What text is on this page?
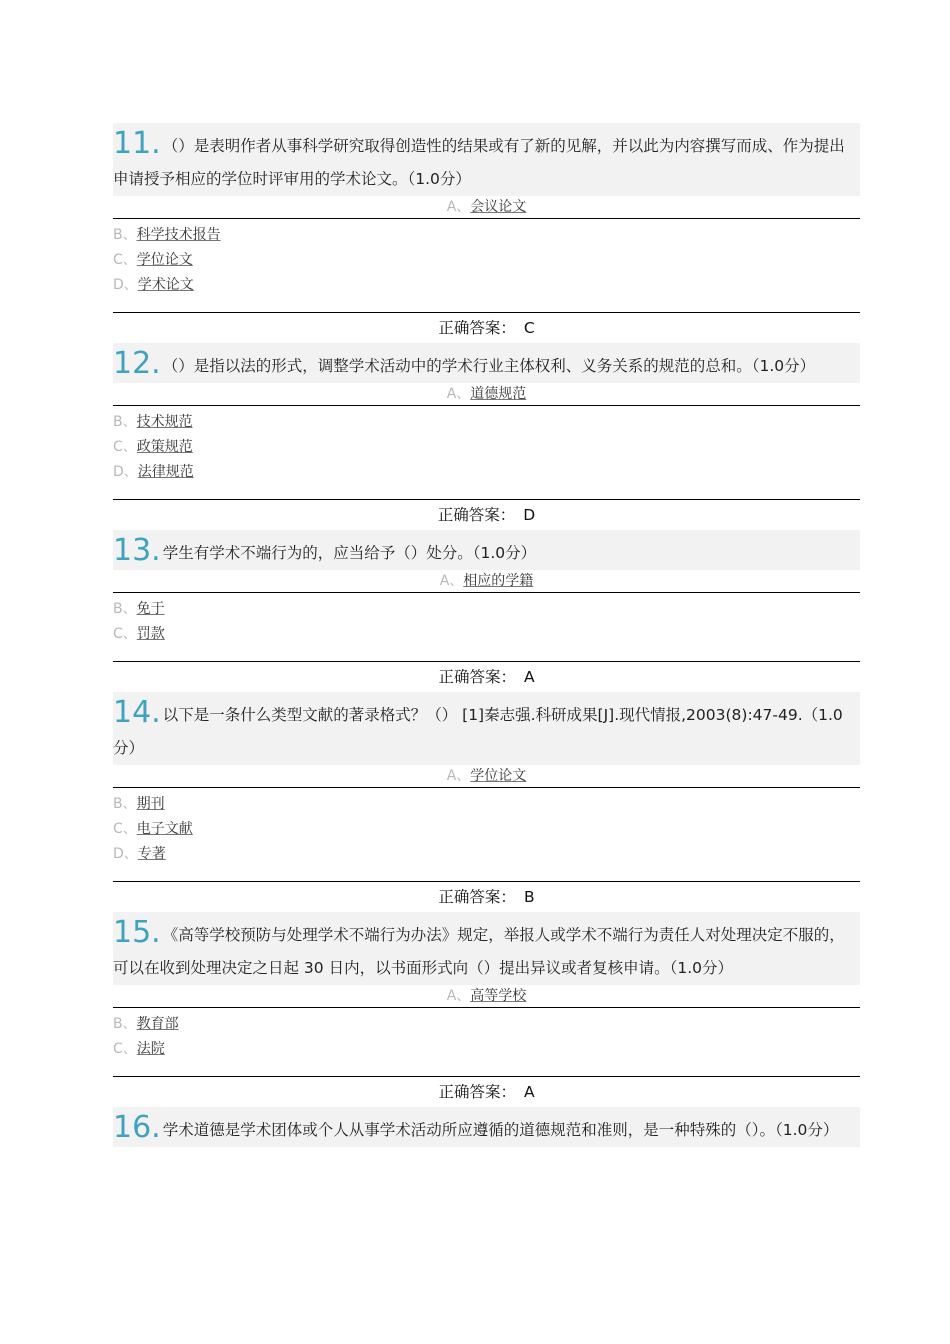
11. （）是表明作者从事科学研究取得创造性的结果或有了新的见解，并以此为内容撰写而成、作为提出申请授予相应的学位时评审用的学术论文。（1.0分）
A、会议论文
B、科学技术报告
C、学位论文
D、学术论文
正确答案： C
12. （）是指以法的形式，调整学术活动中的学术行业主体权利、义务关系的规范的总和。（1.0分）
A、道德规范
B、技术规范
C、政策规范
D、法律规范
正确答案： D
13. 学生有学术不端行为的，应当给予（）处分。（1.0分）
A、相应的学籍
B、免于
C、罚款
正确答案： A
14. 以下是一条什么类型文献的著录格式？（） [1]秦志强.科研成果[J].现代情报,2003(8):47-49.（1.0分）
A、学位论文
B、期刊
C、电子文献
D、专著
正确答案： B
15. 《高等学校预防与处理学术不端行为办法》规定，举报人或学术不端行为责任人对处理决定不服的，可以在收到处理决定之日起 30 日内，以书面形式向（）提出异议或者复核申请。（1.0分）
A、高等学校
B、教育部
C、法院
正确答案： A
16. 学术道德是学术团体或个人从事学术活动所应遵循的道德规范和准则，是一种特殊的（）。（1.0分）
